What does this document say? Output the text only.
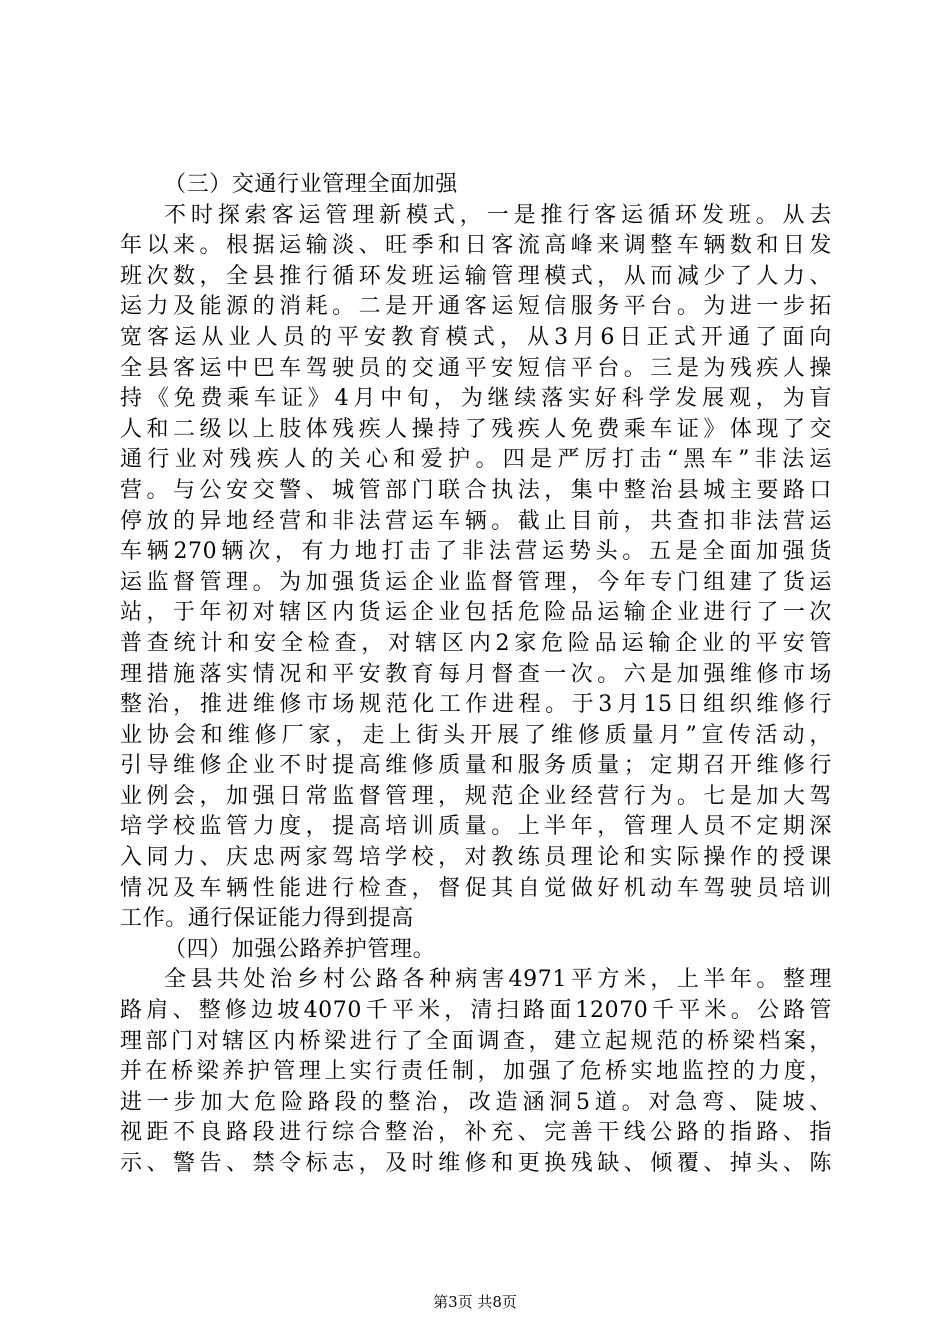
（三）交通行业管理全面加强
不时探索客运管理新模式，一是推行客运循环发班。从去
年以来。根据运输淡、旺季和日客流高峰来调整车辆数和日发
班次数，全县推行循环发班运输管理模式，从而减少了人力、
运力及能源的消耗。二是开通客运短信服务平台。为进一步拓
宽客运从业人员的平安教育模式，从3月6日正式开通了面向
全县客运中巴车驾驶员的交通平安短信平台。三是为残疾人操
持《免费乘车证》4月中旬，为继续落实好科学发展观，为盲
人和二级以上肢体残疾人操持了残疾人免费乘车证》体现了交
通行业对残疾人的关心和爱护。四是严厉打击“黑车”非法运
营。与公安交警、城管部门联合执法，集中整治县城主要路口
停放的异地经营和非法营运车辆。截止目前，共查扣非法营运
车辆270辆次，有力地打击了非法营运势头。五是全面加强货
运监督管理。为加强货运企业监督管理，今年专门组建了货运
站，于年初对辖区内货运企业包括危险品运输企业进行了一次
普查统计和安全检查，对辖区内2家危险品运输企业的平安管
理措施落实情况和平安教育每月督查一次。六是加强维修市场
整治，推进维修市场规范化工作进程。于3月15日组织维修行
业协会和维修厂家，走上街头开展了维修质量月”宣传活动，
引导维修企业不时提高维修质量和服务质量；定期召开维修行
业例会，加强日常监督管理，规范企业经营行为。七是加大驾
培学校监管力度，提高培训质量。上半年，管理人员不定期深
入同力、庆忠两家驾培学校，对教练员理论和实际操作的授课
情况及车辆性能进行检查，督促其自觉做好机动车驾驶员培训
工作。通行保证能力得到提高
（四）加强公路养护管理。
全县共处治乡村公路各种病害4971平方米，上半年。整理
路肩、整修边坡4070千平米，清扫路面12070千平米。公路管
理部门对辖区内桥梁进行了全面调查，建立起规范的桥梁档案，
并在桥梁养护管理上实行责任制，加强了危桥实地监控的力度，
进一步加大危险路段的整治，改造涵洞5道。对急弯、陡坡、
视距不良路段进行综合整治，补充、完善干线公路的指路、指
示、警告、禁令标志，及时维修和更换残缺、倾覆、掉头、陈
第3页 共8页
